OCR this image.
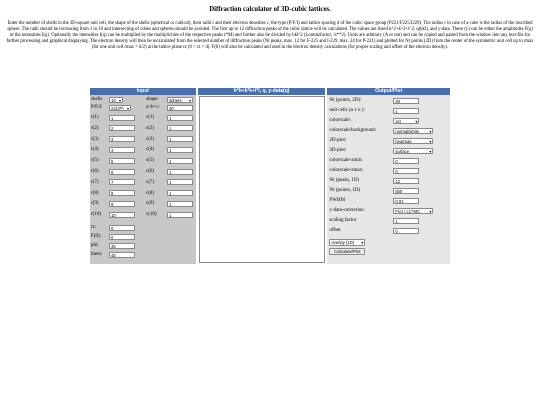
Diffraction calculator of 3D-cubic lattices.
Enter the number of shells in the 3D-square unit cell, the shape of the shells (spherical or cubical), their radii r and their electron densities c, the type (P/F/I) and lattice spacing d of the cubic space group (P221/F225/I229). The radius r in case of a cube is the radius of the inscribed sphere. The radii should be increasing from 1 to 10 and intersecting of cubes and spheres should be avoided. The first up to 12 diffraction peaks of the cubic lattice will be calculated. The values are listed h^2+k^2+l^2, q(hkl), and y-data. These (y) can be either the amplitudes F(q) or the intensities I(q). Optionally the intensities I(q) can be multiplied by the multiplicities of the respective peaks (*M) and further also be divided by hkl^2 (Lorentzfactor, /x**2). Units are arbitrary (A or nm) and can be copied and pasted from the window into any text-file for further processing and graphical displaying. The electron density will then be recalculated from the selected number of diffraction peaks (Nr peaks, max. 12 for F-225 and I-229, max. 24 for P-221) and plotted for Nr points (2D) from the center of the symmetric unit cell up to rmax (for one unit cell rmax = d/2) at the lattice plane rz (0 < rz < d). F(0) will also be calculated and used in the electron density calculations (for proper scaling and offset of the electron density).
Input
shells	10 ▾	shape:	sphere ▾
P/F/I:	221(P) ▾	a=b=c:	30
r(1)	1	c(1)	1
r(2)	2	c(2)	1
r(3)	3	c(3)	1
r(4)	4	c(4)	1
r(5)	5	c(5)	1
r(6)	6	c(6)	1
r(7)	7	c(7)	1
r(8)	8	c(8)	1
r(9)	9	c(9)	1
r(10)	10	c(10)	1
rz:	0
F(0):	0
phi:	45
theta:	45
h*h+k*k+l*l, q, y-data(q)	Output/Plot
Nr (points, 2D):	40
unit cells (n x n ):	1
colorscale:	Jet	▾
colorscale/background:	normal/white	▾
2D-plot:	heatmap	▾
3D-plot:	surface	▾
colorscale-zmin:	0
colorscale-zmax:	0
Nr (peaks, 1D)	12
Nr (points, 1D)	500
FWHM	0.01
y-data-correction	F(q) / LC*MC ▾
scaling factor	1
offset	0
overlay (1D) ▾
Calculate/Plot
